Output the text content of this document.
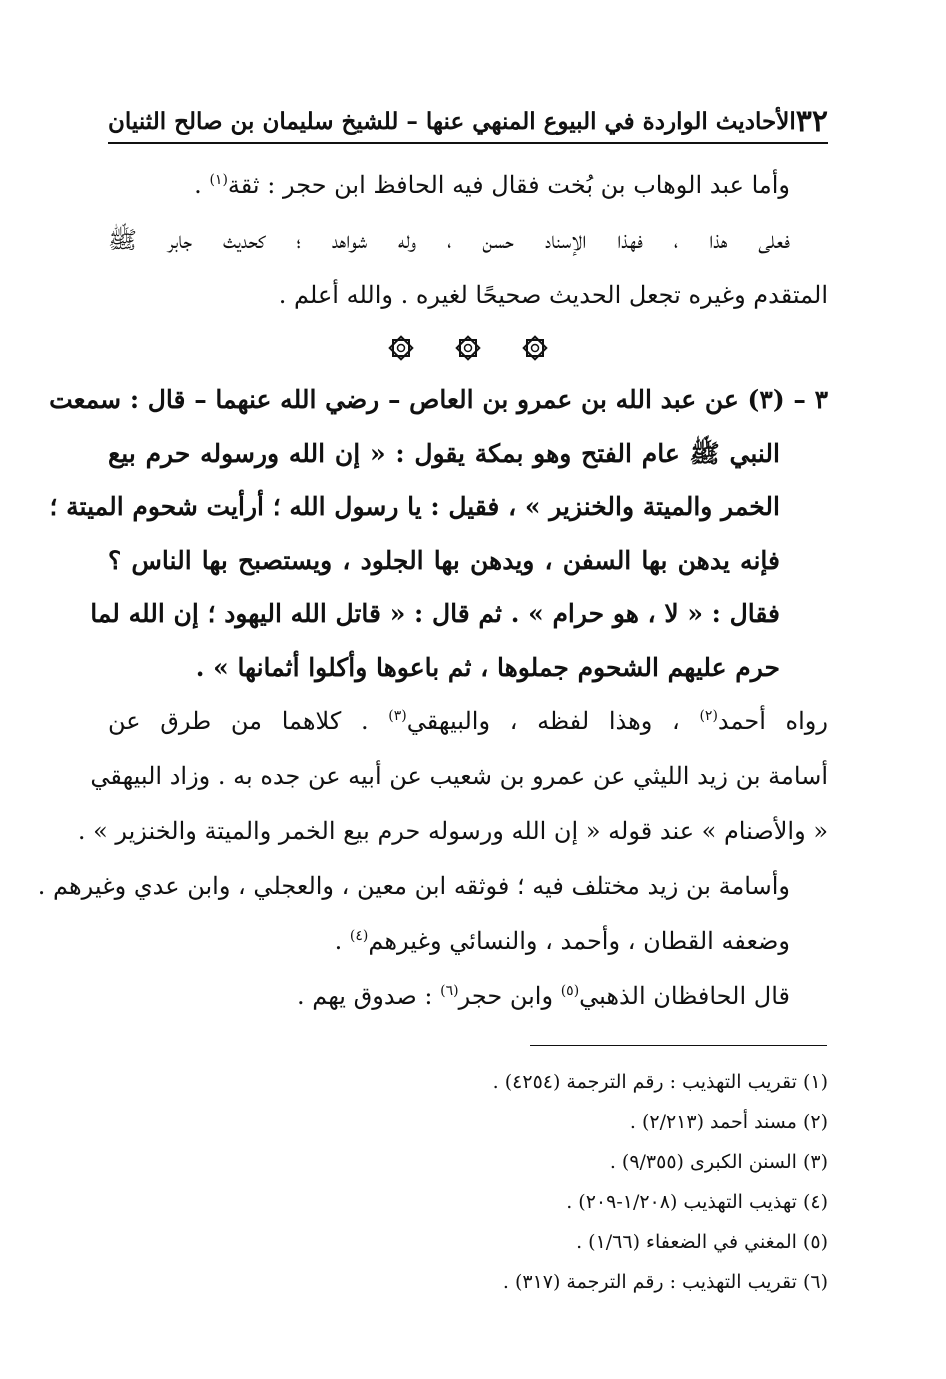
٣٢
الأحاديث الواردة في البيوع المنهي عنها – للشيخ سليمان بن صالح الثنيان
وأما عبد الوهاب بن بُخت فقال فيه الحافظ ابن حجر : ثقة$^{(١)}$ .
فعلى هذا ، فهذا الإسناد حسن ، وله شواهد ؛ كحديث جابر ﷺ
المتقدم وغيره تجعل الحديث صحيحًا لغيره . والله أعلم .

٣ – (٣) عن عبد الله بن عمرو بن العاص – رضي الله عنهما – قال : سمعت
النبي ﷺ عام الفتح وهو بمكة يقول : « إن الله ورسوله حرم بيع
الخمر والميتة والخنزير » ، فقيل : يا رسول الله ؛ أرأيت شحوم الميتة ؛
فإنه يدهن بها السفن ، ويدهن بها الجلود ، ويستصبح بها الناس ؟
فقال : « لا ، هو حرام » . ثم قال : « قاتل الله اليهود ؛ إن الله لما
حرم عليهم الشحوم جملوها ، ثم باعوها وأكلوا أثمانها » .
رواه أحمد$^{(٢)}$ ، وهذا لفظه ، والبيهقي$^{(٣)}$ . كلاهما من طرق عن
أسامة بن زيد الليثي عن عمرو بن شعيب عن أبيه عن جده به . وزاد البيهقي
« والأصنام » عند قوله « إن الله ورسوله حرم بيع الخمر والميتة والخنزير » .
وأسامة بن زيد مختلف فيه ؛ فوثقه ابن معين ، والعجلي ، وابن عدي وغيرهم .
وضعفه القطان ، وأحمد ، والنسائي وغيرهم$^{(٤)}$ .
قال الحافظان الذهبي$^{(٥)}$ وابن حجر$^{(٦)}$ : صدوق يهم .
(١) تقريب التهذيب : رقم الترجمة (٤٢٥٤) .
(٢) مسند أحمد (٢/٢١٣) .
(٣) السنن الكبرى (٩/٣٥٥) .
(٤) تهذيب التهذيب (١/٢٠٨-٢٠٩) .
(٥) المغني في الضعفاء (١/٦٦) .
(٦) تقريب التهذيب : رقم الترجمة (٣١٧) .
